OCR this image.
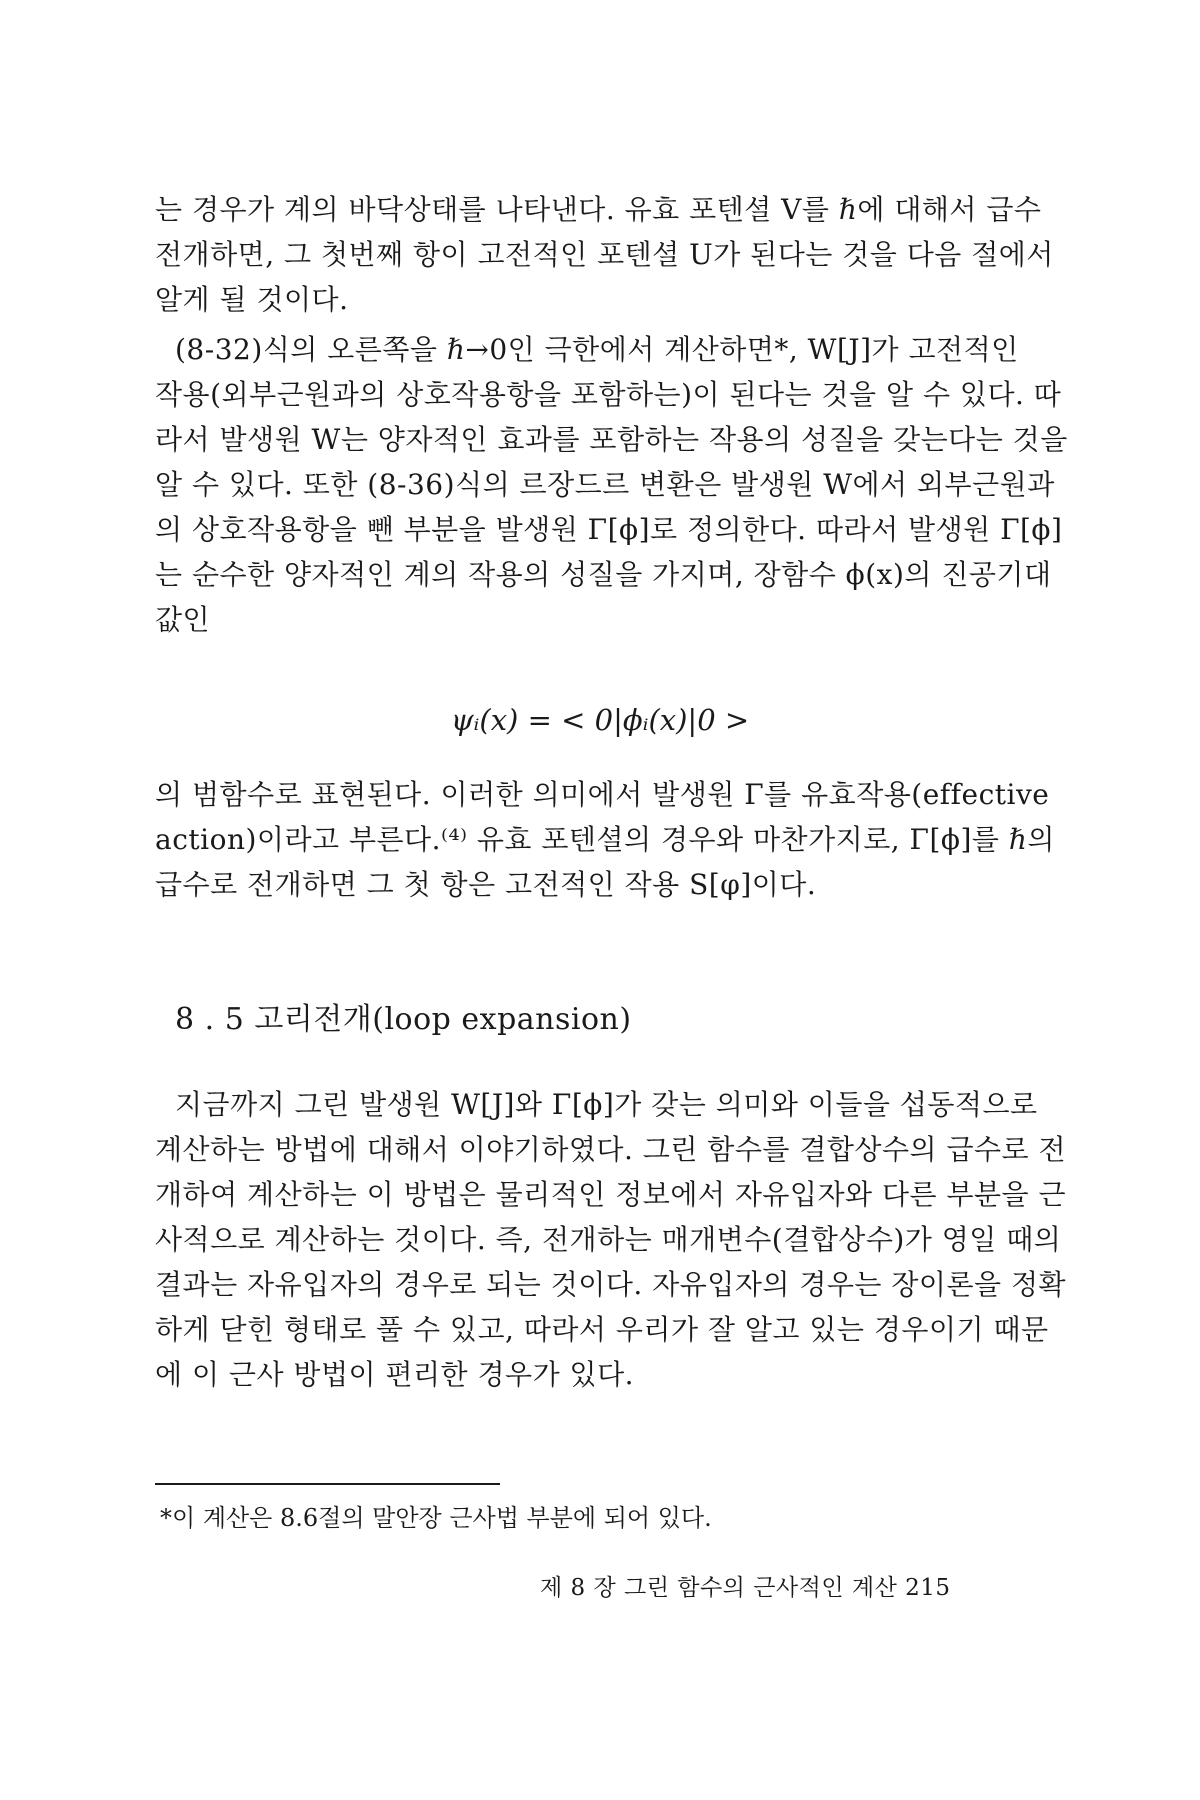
는 경우가 계의 바닥상태를 나타낸다. 유효 포텐셜 V를 ℏ에 대해서 급수
전개하면, 그 첫번째 항이 고전적인 포텐셜 U가 된다는 것을 다음 절에서
알게 될 것이다.
(8-32)식의 오른쪽을 ℏ→0인 극한에서 계산하면*, W[J]가 고전적인
작용(외부근원과의 상호작용항을 포함하는)이 된다는 것을 알 수 있다. 따
라서 발생원 W는 양자적인 효과를 포함하는 작용의 성질을 갖는다는 것을
알 수 있다. 또한 (8-36)식의 르장드르 변환은 발생원 W에서 외부근원과
의 상호작용항을 뺀 부분을 발생원 Γ[ϕ]로 정의한다. 따라서 발생원 Γ[ϕ]
는 순수한 양자적인 계의 작용의 성질을 가지며, 장함수 ϕ(x)의 진공기대
값인
ψᵢ(x) = < 0|ϕᵢ(x)|0 >
의 범함수로 표현된다. 이러한 의미에서 발생원 Γ를 유효작용(effective
action)이라고 부른다.⁽⁴⁾ 유효 포텐셜의 경우와 마찬가지로, Γ[ϕ]를 ℏ의
급수로 전개하면 그 첫 항은 고전적인 작용 S[φ]이다.
8 . 5 고리전개(loop expansion)
지금까지 그린 발생원 W[J]와 Γ[ϕ]가 갖는 의미와 이들을 섭동적으로
계산하는 방법에 대해서 이야기하였다. 그린 함수를 결합상수의 급수로 전
개하여 계산하는 이 방법은 물리적인 정보에서 자유입자와 다른 부분을 근
사적으로 계산하는 것이다. 즉, 전개하는 매개변수(결합상수)가 영일 때의
결과는 자유입자의 경우로 되는 것이다. 자유입자의 경우는 장이론을 정확
하게 닫힌 형태로 풀 수 있고, 따라서 우리가 잘 알고 있는 경우이기 때문
에 이 근사 방법이 편리한 경우가 있다.
*이 계산은 8.6절의 말안장 근사법 부분에 되어 있다.
제 8 장 그린 함수의 근사적인 계산 215
